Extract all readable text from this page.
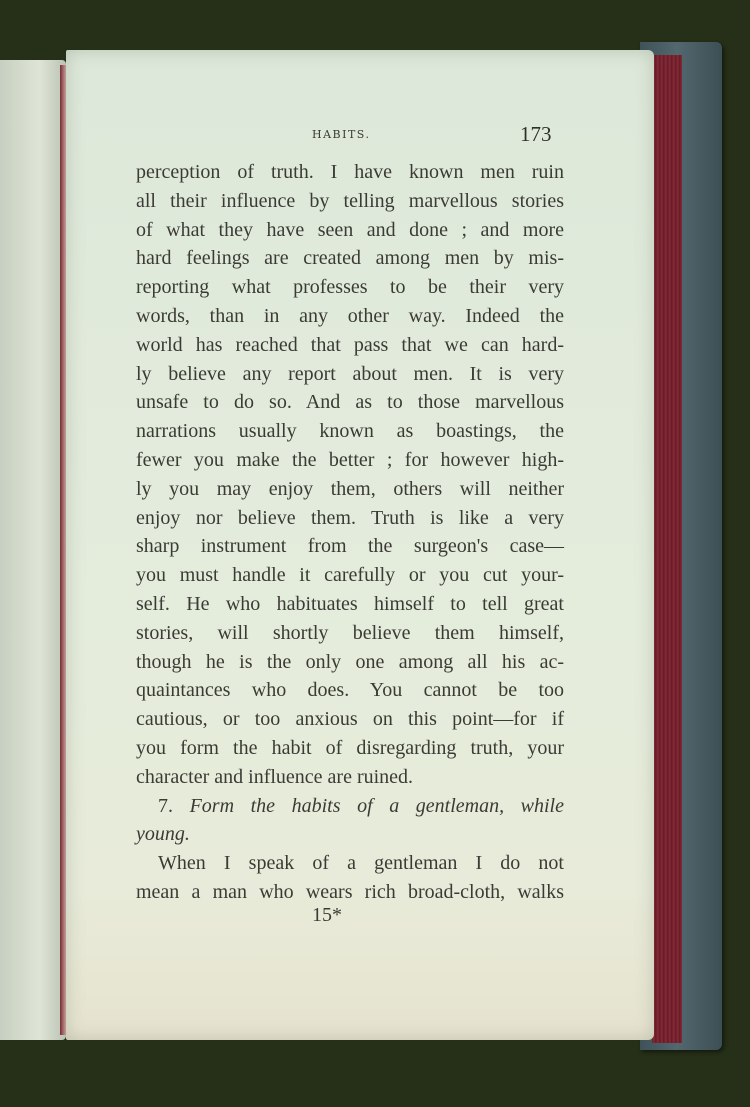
HABITS.	173
perception of truth. I have known men ruin
all their influence by telling marvellous stories
of what they have seen and done ; and more
hard feelings are created among men by mis-
reporting what professes to be their very
words, than in any other way. Indeed the
world has reached that pass that we can hard-
ly believe any report about men. It is very
unsafe to do so. And as to those marvellous
narrations usually known as boastings, the
fewer you make the better ; for however high-
ly you may enjoy them, others will neither
enjoy nor believe them. Truth is like a very
sharp instrument from the surgeon's case—
you must handle it carefully or you cut your-
self. He who habituates himself to tell great
stories, will shortly believe them himself,
though he is the only one among all his ac-
quaintances who does. You cannot be too
cautious, or too anxious on this point—for if
you form the habit of disregarding truth, your
character and influence are ruined.
7. Form the habits of a gentleman, while
young.
When I speak of a gentleman I do not
mean a man who wears rich broad-cloth, walks
15*
